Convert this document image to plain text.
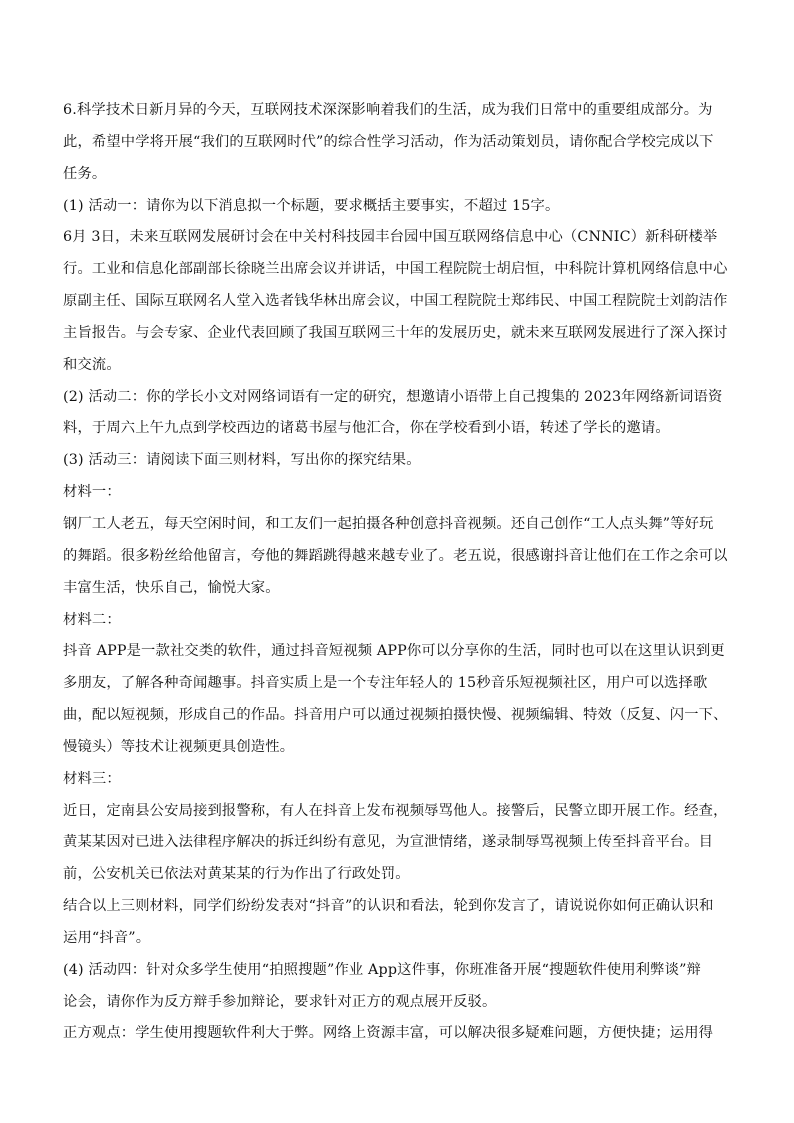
6.科学技术日新月异的今天，互联网技术深深影响着我们的生活，成为我们日常中的重要组成部分。为
此，希望中学将开展“我们的互联网时代”的综合性学习活动，作为活动策划员，请你配合学校完成以下
任务。
(1) 活动一：请你为以下消息拟一个标题，要求概括主要事实，不超过 15字。
6月 3日，未来互联网发展研讨会在中关村科技园丰台园中国互联网络信息中心（CNNIC）新科研楼举
行。工业和信息化部副部长徐晓兰出席会议并讲话，中国工程院院士胡启恒，中科院计算机网络信息中心
原副主任、国际互联网名人堂入选者钱华林出席会议，中国工程院院士郑纬民、中国工程院院士刘韵洁作
主旨报告。与会专家、企业代表回顾了我国互联网三十年的发展历史，就未来互联网发展进行了深入探讨
和交流。
(2) 活动二：你的学长小文对网络词语有一定的研究，想邀请小语带上自己搜集的 2023年网络新词语资
料，于周六上午九点到学校西边的诸葛书屋与他汇合，你在学校看到小语，转述了学长的邀请。
(3) 活动三：请阅读下面三则材料，写出你的探究结果。
材料一：
钢厂工人老五，每天空闲时间，和工友们一起拍摄各种创意抖音视频。还自己创作“工人点头舞”等好玩
的舞蹈。很多粉丝给他留言，夸他的舞蹈跳得越来越专业了。老五说，很感谢抖音让他们在工作之余可以
丰富生活，快乐自己，愉悦大家。
材料二：
抖音 APP是一款社交类的软件，通过抖音短视频 APP你可以分享你的生活，同时也可以在这里认识到更
多朋友，了解各种奇闻趣事。抖音实质上是一个专注年轻人的 15秒音乐短视频社区，用户可以选择歌
曲，配以短视频，形成自己的作品。抖音用户可以通过视频拍摄快慢、视频编辑、特效（反复、闪一下、
慢镜头）等技术让视频更具创造性。
材料三：
近日，定南县公安局接到报警称，有人在抖音上发布视频辱骂他人。接警后，民警立即开展工作。经查，
黄某某因对已进入法律程序解决的拆迁纠纷有意见，为宣泄情绪，遂录制辱骂视频上传至抖音平台。目
前，公安机关已依法对黄某某的行为作出了行政处罚。
结合以上三则材料，同学们纷纷发表对“抖音”的认识和看法，轮到你发言了，请说说你如何正确认识和
运用“抖音”。
(4) 活动四：针对众多学生使用“拍照搜题”作业 App这件事，你班准备开展“搜题软件使用利弊谈”辩
论会，请你作为反方辩手参加辩论，要求针对正方的观点展开反驳。
正方观点：学生使用搜题软件利大于弊。网络上资源丰富，可以解决很多疑难问题，方便快捷；运用得
